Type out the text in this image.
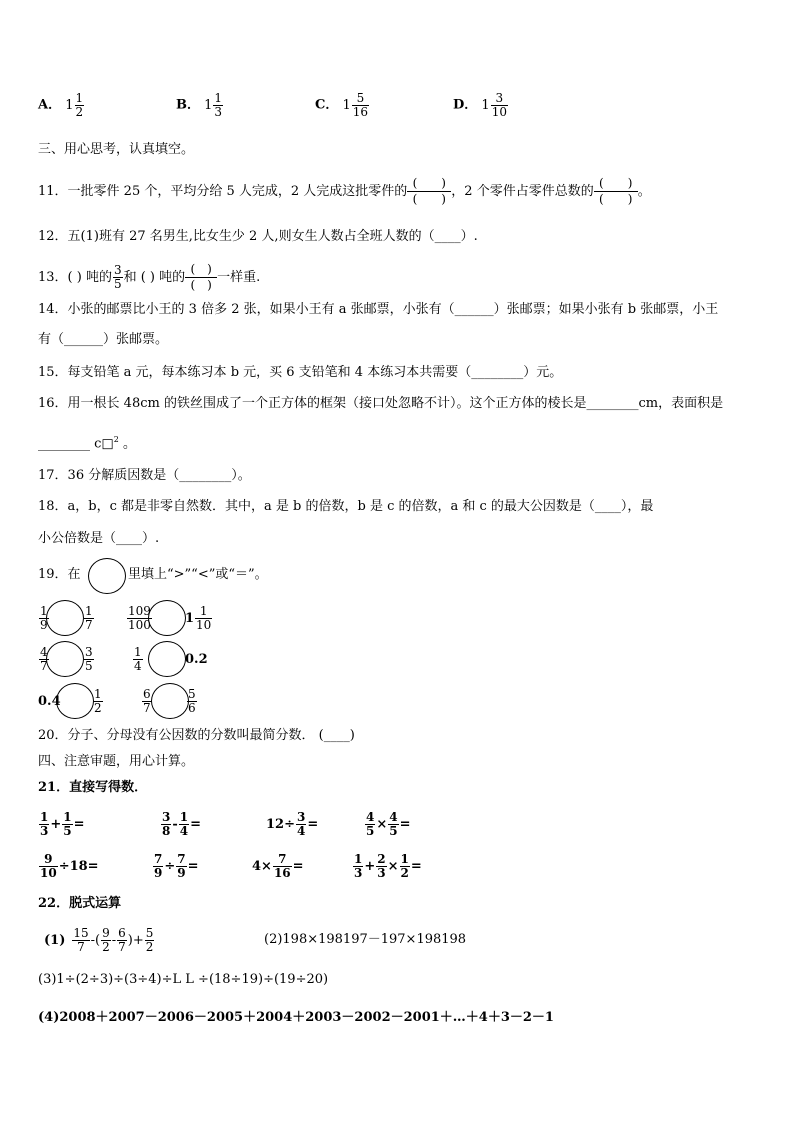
A． $1 \frac{1}{2}$	B． $1 \frac{1}{3}$	C． $1 \frac{5}{16}$	D． $1 \frac{3}{10}$
三、用心思考，认真填空。
11．一批零件 25 个，平均分给 5 人完成，2 人完成这批零件的
(　　)
(　　)
，2 个零件占零件总数的
(　　)
(　　)
。
12．五(1)班有 27 名男生,比女生少 2 人,则女生人数占全班人数的（____）.
13．( ) 吨的 $\frac{3}{5}$ 和 ( ) 吨的
(　)
(　)
一样重.
14．小张的邮票比小王的 3 倍多 2 张，如果小王有 a 张邮票，小张有（______）张邮票；如果小张有 b 张邮票，小王
有（______）张邮票。
15．每支铅笔 a 元，每本练习本 b 元，买 6 支铅笔和 4 本练习本共需要（________）元。
16．用一根长 48cm 的铁丝围成了一个正方体的框架（接口处忽略不计）。这个正方体的棱长是________cm，表面积是
________ c□$^2$ 。
17．36 分解质因数是（________）。
18．a，b，c 都是非零自然数．其中，a 是 b 的倍数，b 是 c 的倍数，a 和 c 的最大公因数是（____），最
小公倍数是（____）.
19．在	里填上“>”“<”或“＝”。
$\frac{1}{9}$	$\frac{1}{7}$	$\frac{109}{100}$	$1 \frac{1}{10}$
$\frac{4}{7}$	$\frac{3}{5}$	$\frac{1}{4}$	0.2
0.4	$\frac{1}{2}$	$\frac{6}{7}$	$\frac{5}{6}$
20．分子、分母没有公因数的分数叫最简分数． (____)
四、注意审题，用心计算。
21．直接写得数．
$\frac{1}{3} + \frac{1}{5}$ =	$\frac{3}{8} - \frac{1}{4}$ =	$12\div \frac{3}{4}$ =	$\frac{4}{5} \times \frac{4}{5}$ =
$\frac{9}{10} \div 18=$	$\frac{7}{9} \div \frac{7}{9}$ =	$4\times \frac{7}{16}$ =	$\frac{1}{3} + \frac{2}{3} \times \frac{1}{2}$ =
22．脱式运算
$(1) \frac{15}{7}$ -( $\frac{9}{2} - \frac{6}{7}$ )+ $\frac{5}{2}$	(2)198×198197－197×198198
(3)1÷(2÷3)÷(3÷4)÷L L ÷(18÷19)÷(19÷20)
(4)2008＋2007－2006－2005＋2004＋2003－2002－2001＋…＋4＋3－2－1
